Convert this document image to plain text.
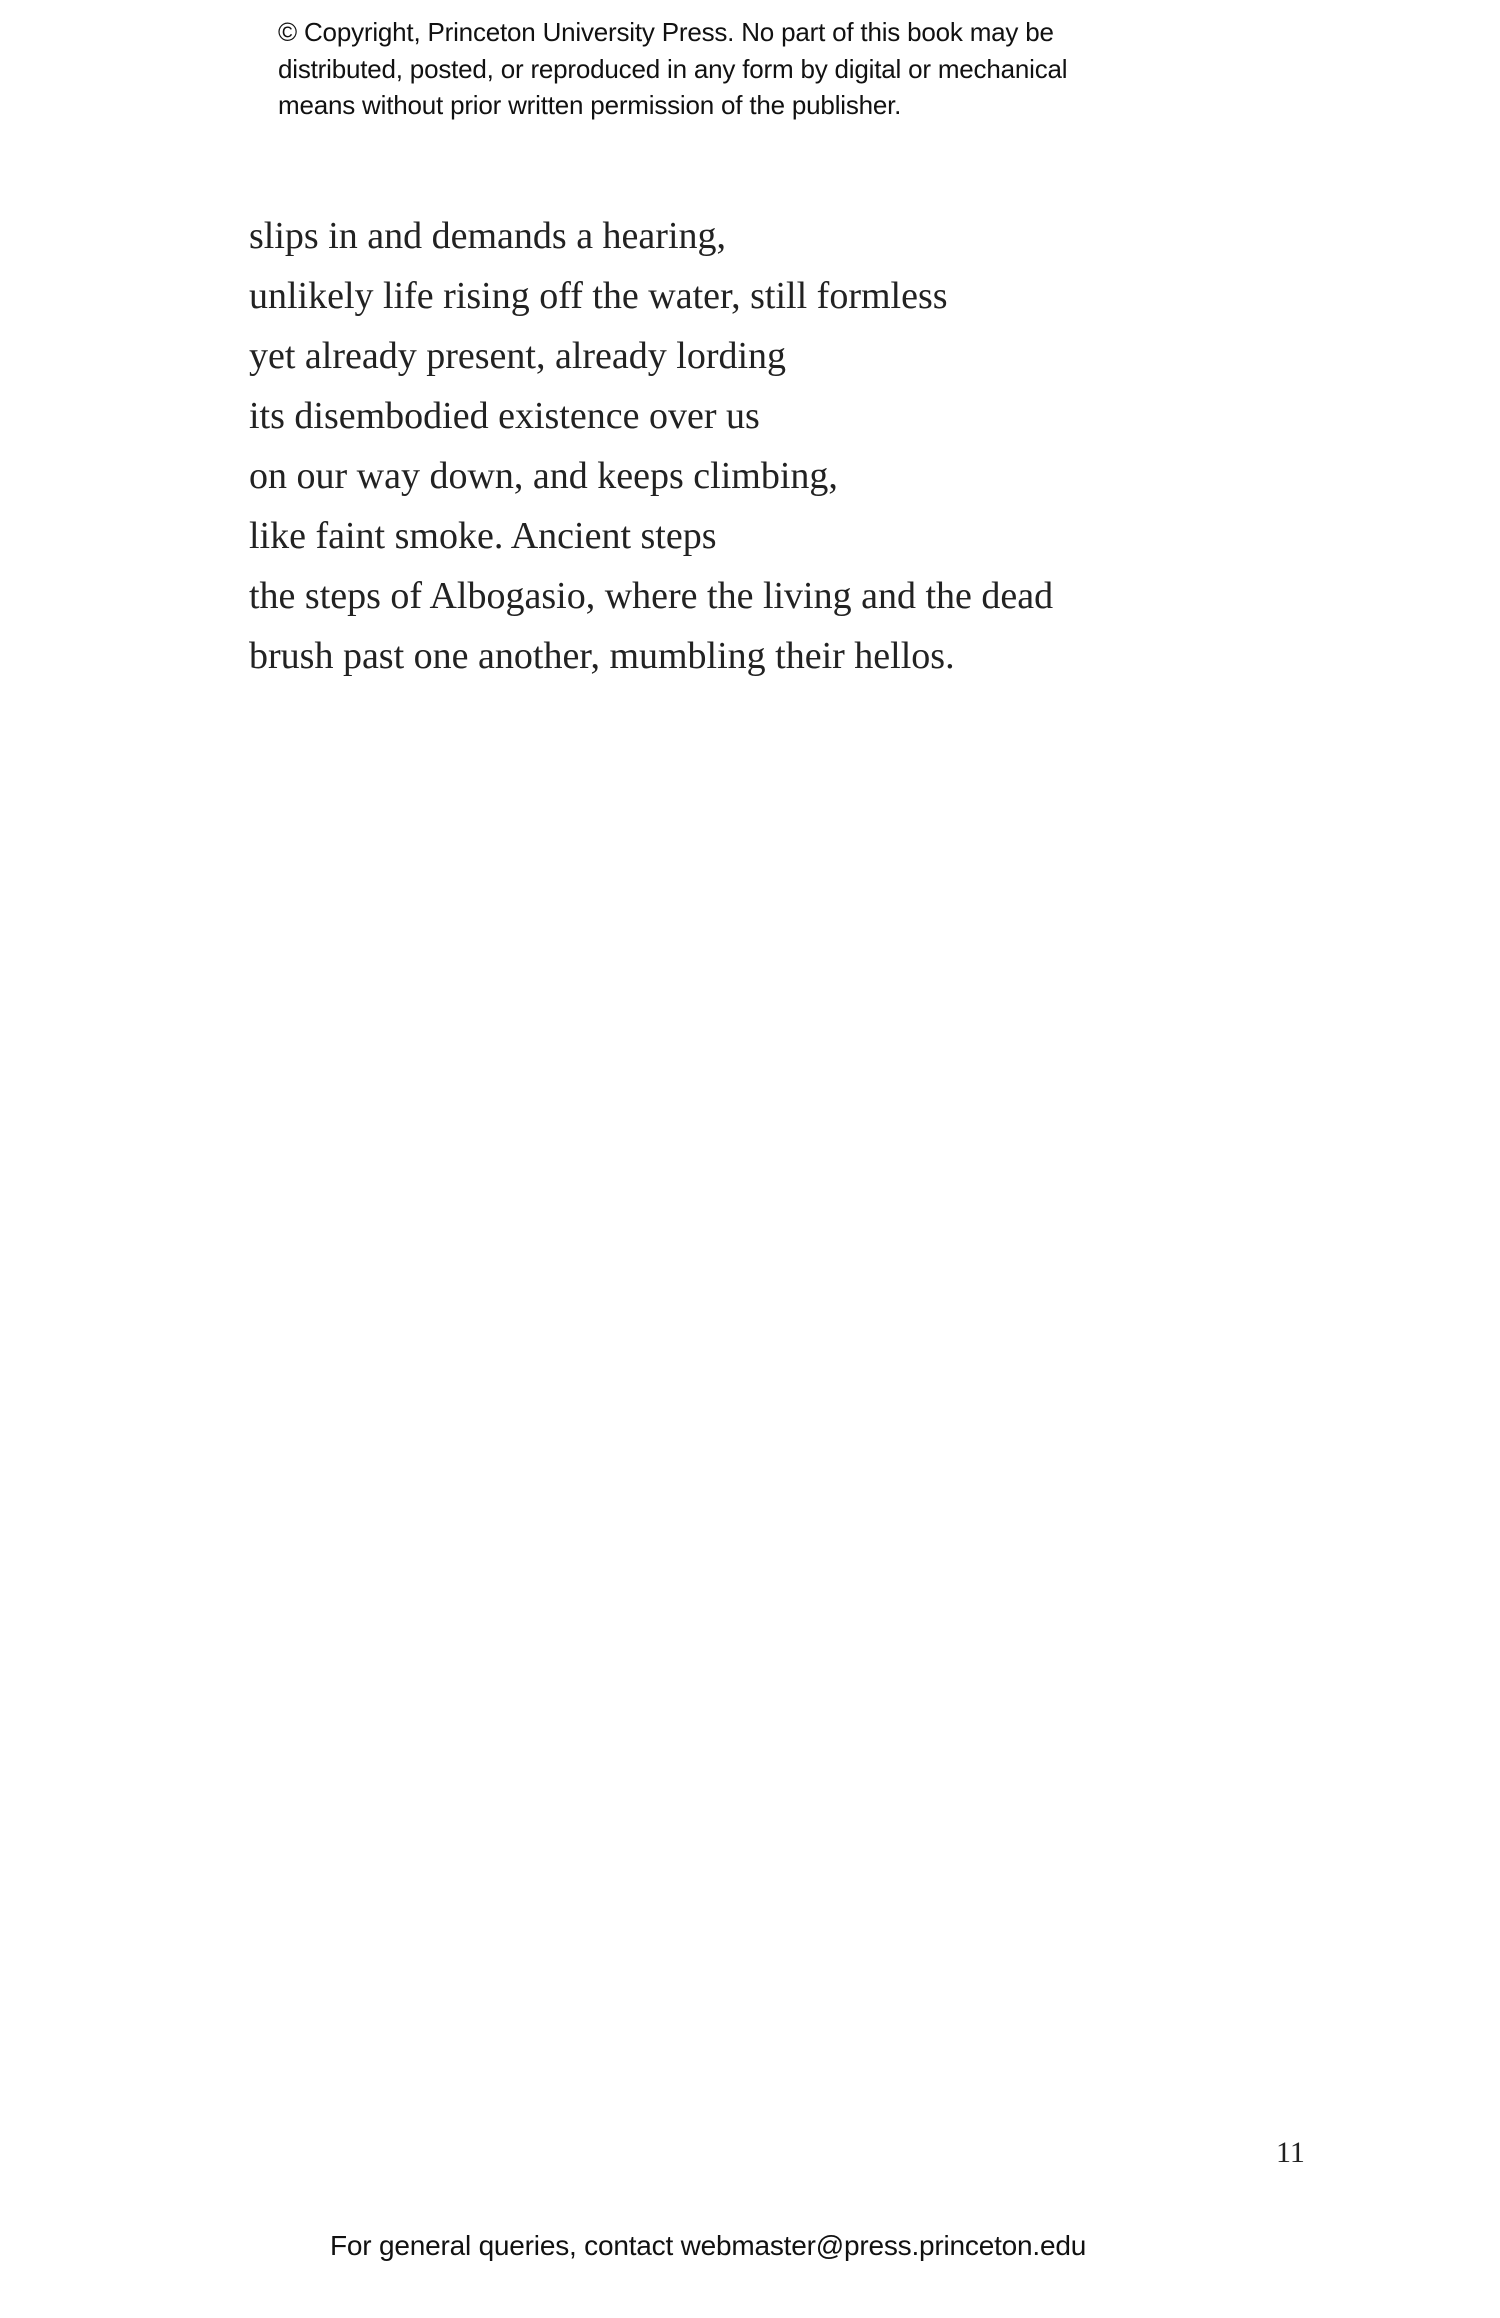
© Copyright, Princeton University Press. No part of this book may be
distributed, posted, or reproduced in any form by digital or mechanical
means without prior written permission of the publisher.
slips in and demands a hearing,
unlikely life rising off the water, still formless
yet already present, already lording
its disembodied existence over us
on our way down, and keeps climbing,
like faint smoke. Ancient steps
the steps of Albogasio, where the living and the dead
brush past one another, mumbling their hellos.
11
For general queries, contact webmaster@press.princeton.edu
